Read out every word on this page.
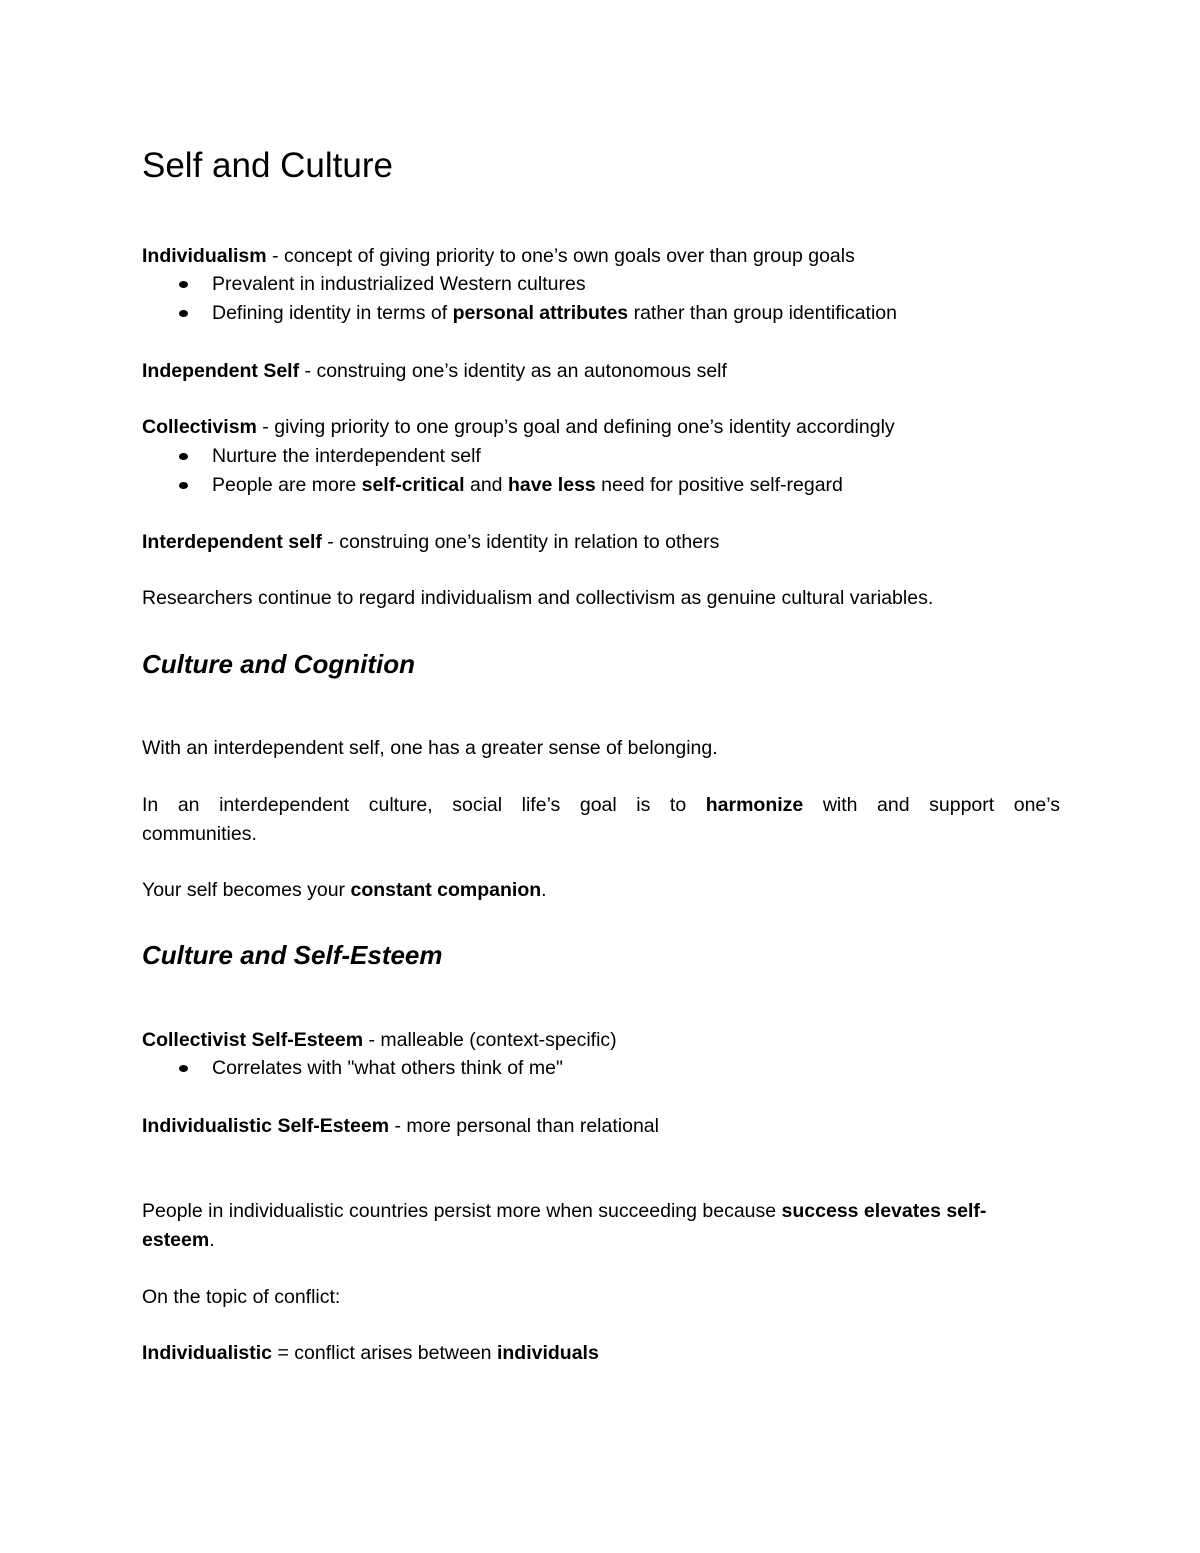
Self and Culture

Individualism - concept of giving priority to one’s own goals over than group goals

Prevalent in industrialized Western cultures
Defining identity in terms of personal attributes rather than group identification

Independent Self - construing one’s identity as an autonomous self

Collectivism - giving priority to one group’s goal and defining one’s identity accordingly

Nurture the interdependent self
People are more self-critical and have less need for positive self-regard

Interdependent self - construing one’s identity in relation to others

Researchers continue to regard individualism and collectivism as genuine cultural variables.

Culture and Cognition

With an interdependent self, one has a greater sense of belonging.

In an interdependent culture, social life’s goal is to harmonize with and support one’s
communities.

Your self becomes your constant companion.

Culture and Self-Esteem

Collectivist Self-Esteem - malleable (context-specific)

Correlates with "what others think of me"

Individualistic Self-Esteem - more personal than relational

People in individualistic countries persist more when succeeding because success elevates self-
esteem.

On the topic of conflict:

Individualistic = conflict arises between individuals
